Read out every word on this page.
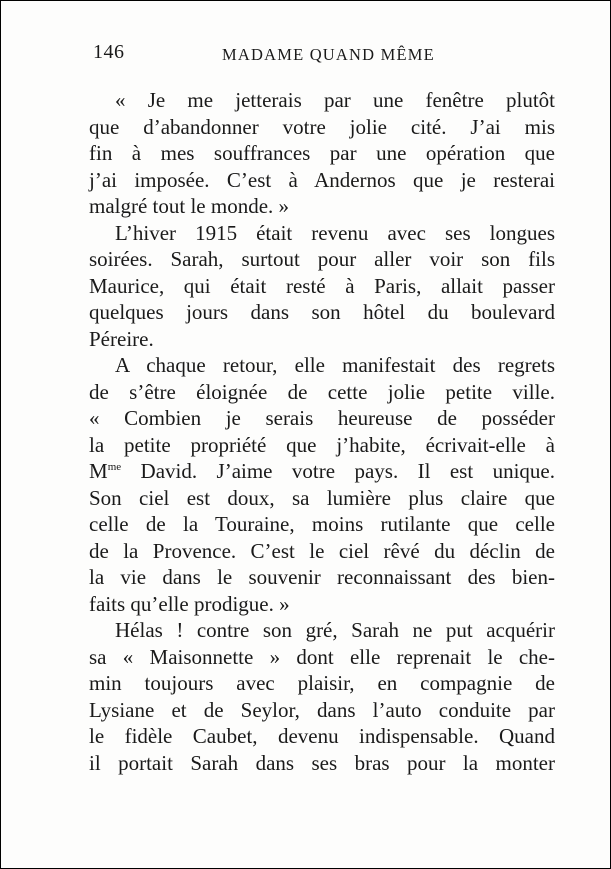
146	MADAME QUAND MÊME
« Je me jetterais par une fenêtre plutôt
que d’abandonner votre jolie cité. J’ai mis
fin à mes souffrances par une opération que
j’ai imposée. C’est à Andernos que je resterai
malgré tout le monde. »
L’hiver 1915 était revenu avec ses longues
soirées. Sarah, surtout pour aller voir son fils
Maurice, qui était resté à Paris, allait passer
quelques jours dans son hôtel du boulevard
Péreire.
A chaque retour, elle manifestait des regrets
de s’être éloignée de cette jolie petite ville.
« Combien je serais heureuse de posséder
la petite propriété que j’habite, écrivait-elle à
$M^{me}$ David. J’aime votre pays. Il est unique.
Son ciel est doux, sa lumière plus claire que
celle de la Touraine, moins rutilante que celle
de la Provence. C’est le ciel rêvé du déclin de
la vie dans le souvenir reconnaissant des bien-
faits qu’elle prodigue. »
Hélas ! contre son gré, Sarah ne put acquérir
sa « Maisonnette » dont elle reprenait le che-
min toujours avec plaisir, en compagnie de
Lysiane et de Seylor, dans l’auto conduite par
le fidèle Caubet, devenu indispensable. Quand
il portait Sarah dans ses bras pour la monter
